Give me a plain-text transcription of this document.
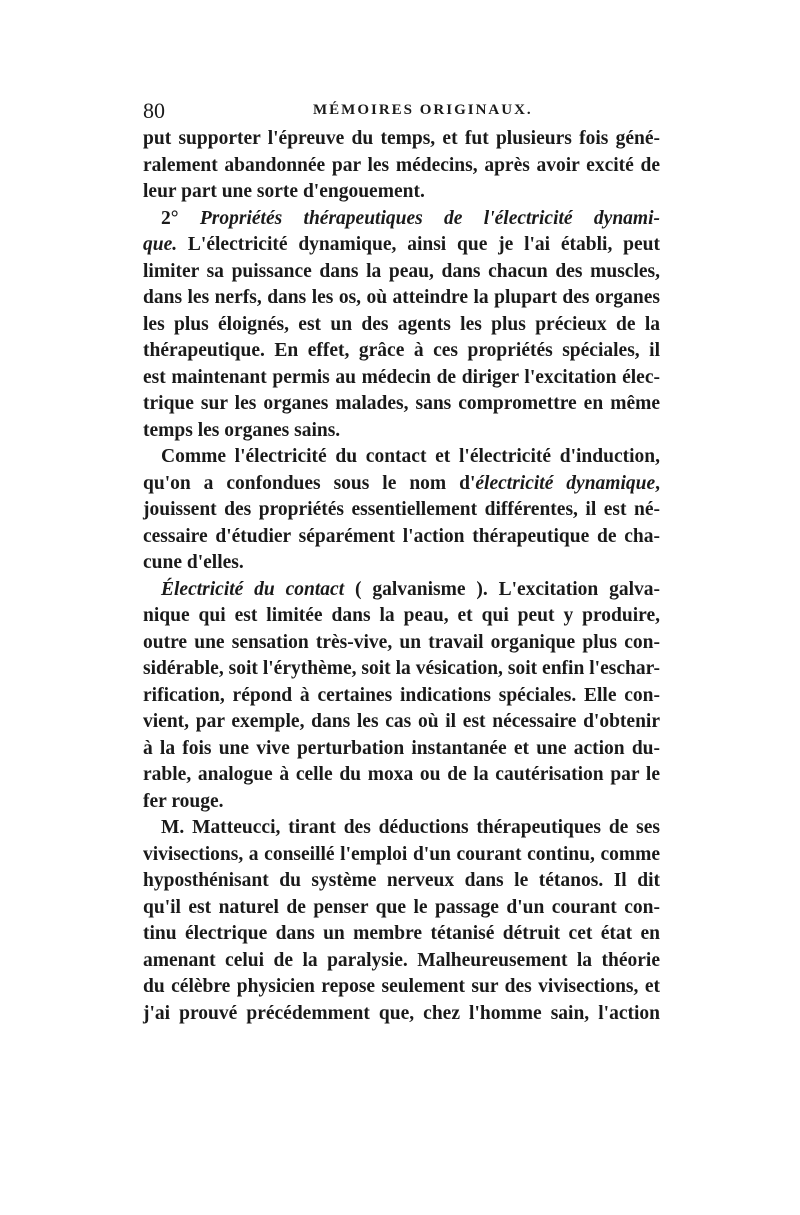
80	MÉMOIRES ORIGINAUX.
put supporter l'épreuve du temps, et fut plusieurs fois géné-
ralement abandonnée par les médecins, après avoir excité de
leur part une sorte d'engouement.
2° Propriétés thérapeutiques de l'électricité dynami-
que. L'électricité dynamique, ainsi que je l'ai établi, peut
limiter sa puissance dans la peau, dans chacun des muscles,
dans les nerfs, dans les os, où atteindre la plupart des organes
les plus éloignés, est un des agents les plus précieux de la
thérapeutique. En effet, grâce à ces propriétés spéciales, il
est maintenant permis au médecin de diriger l'excitation élec-
trique sur les organes malades, sans compromettre en même
temps les organes sains.
Comme l'électricité du contact et l'électricité d'induction,
qu'on a confondues sous le nom d'électricité dynamique,
jouissent des propriétés essentiellement différentes, il est né-
cessaire d'étudier séparément l'action thérapeutique de cha-
cune d'elles.
Électricité du contact ( galvanisme ). L'excitation galva-
nique qui est limitée dans la peau, et qui peut y produire,
outre une sensation très-vive, un travail organique plus con-
sidérable, soit l'érythème, soit la vésication, soit enfin l'eschar-
rification, répond à certaines indications spéciales. Elle con-
vient, par exemple, dans les cas où il est nécessaire d'obtenir
à la fois une vive perturbation instantanée et une action du-
rable, analogue à celle du moxa ou de la cautérisation par le
fer rouge.
M. Matteucci, tirant des déductions thérapeutiques de ses
vivisections, a conseillé l'emploi d'un courant continu, comme
hyposthénisant du système nerveux dans le tétanos. Il dit
qu'il est naturel de penser que le passage d'un courant con-
tinu électrique dans un membre tétanisé détruit cet état en
amenant celui de la paralysie. Malheureusement la théorie
du célèbre physicien repose seulement sur des vivisections, et
j'ai prouvé précédemment que, chez l'homme sain, l'action
